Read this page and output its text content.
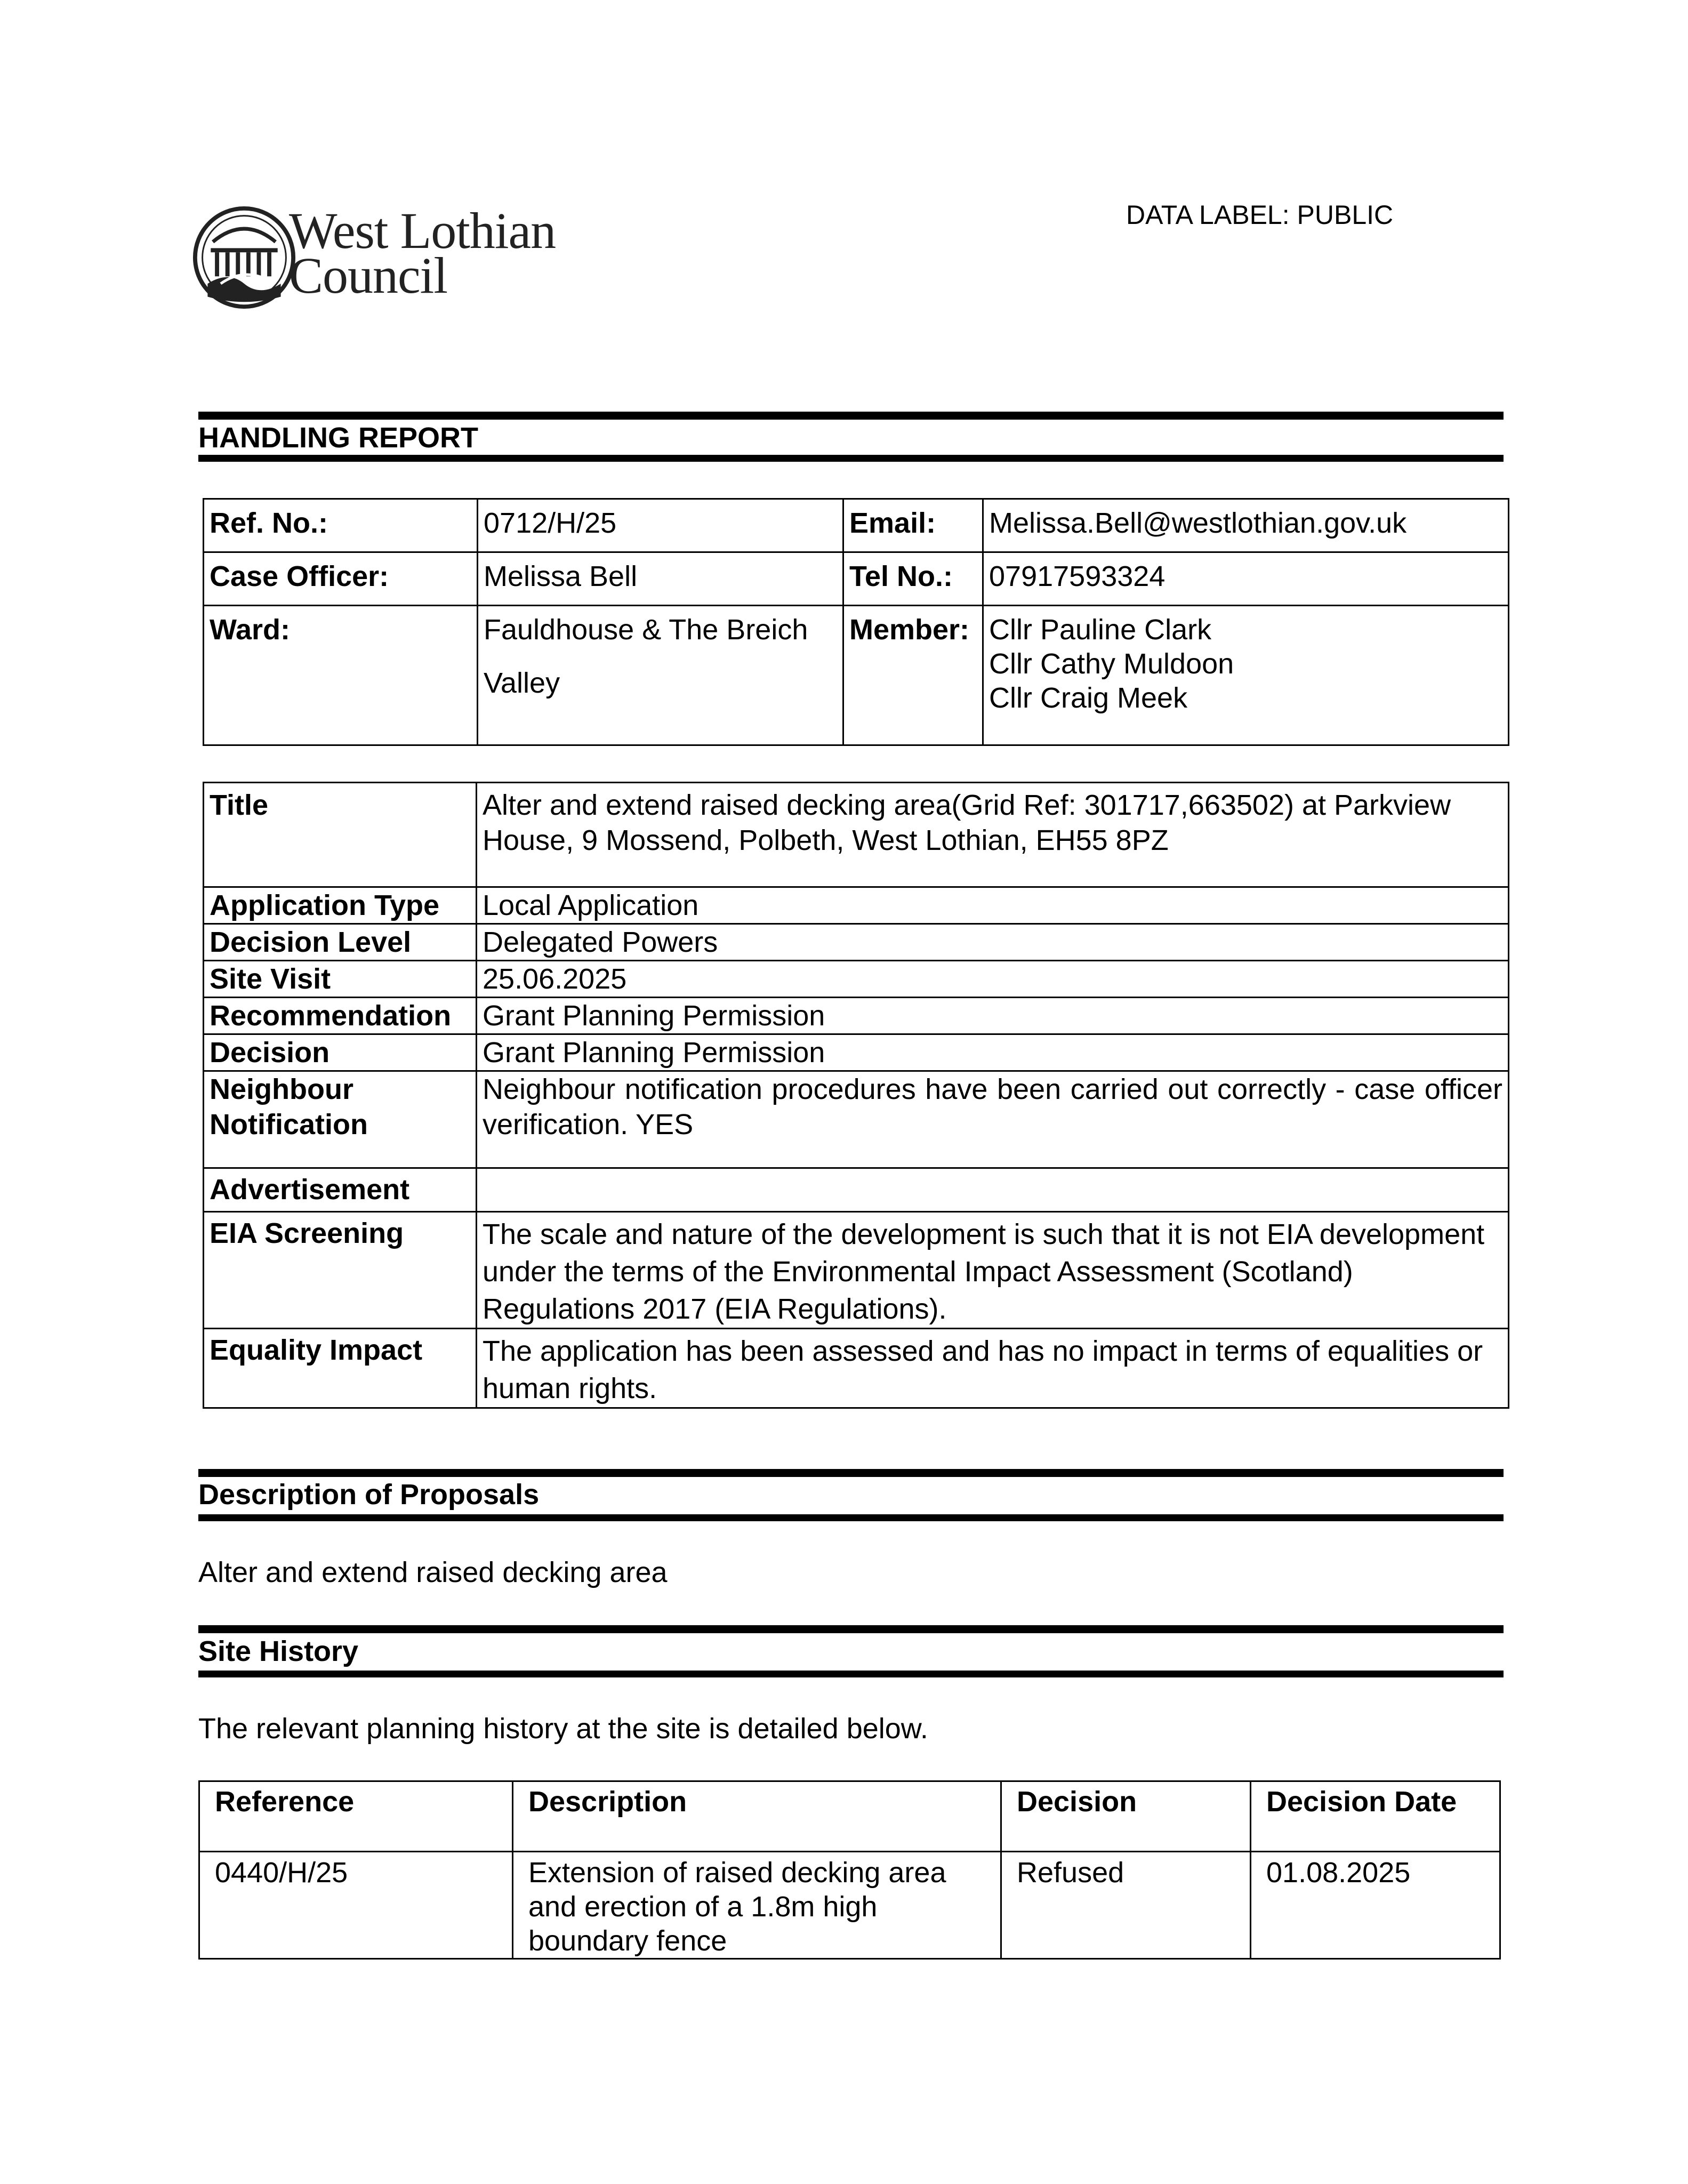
West Lothian
Council
DATA LABEL: PUBLIC
HANDLING REPORT
Ref. No.:	0712/H/25	Email:	Melissa.Bell@westlothian.gov.uk
Case Officer:	Melissa Bell	Tel No.:	07917593324
Ward:	Fauldhouse & The Breich Valley	Member:	Cllr Pauline Clark
Cllr Cathy Muldoon
Cllr Craig Meek
Title	Alter and extend raised decking area(Grid Ref: 301717,663502) at Parkview House, 9 Mossend, Polbeth, West Lothian, EH55 8PZ
Application Type	Local Application
Decision Level	Delegated Powers
Site Visit	25.06.2025
Recommendation	Grant Planning Permission
Decision	Grant Planning Permission
Neighbour Notification	Neighbour notification procedures have been carried out correctly - case officer verification. YES

Advertisement	
EIA Screening	The scale and nature of the development is such that it is not EIA development under the terms of the Environmental Impact Assessment (Scotland) Regulations 2017 (EIA Regulations).
Equality Impact	The application has been assessed and has no impact in terms of equalities or human rights.
Description of Proposals
Alter and extend raised decking area
Site History
The relevant planning history at the site is detailed below.
Reference	Description	Decision	Decision Date
0440/H/25	Extension of raised decking area and erection of a 1.8m high boundary fence	Refused	01.08.2025
